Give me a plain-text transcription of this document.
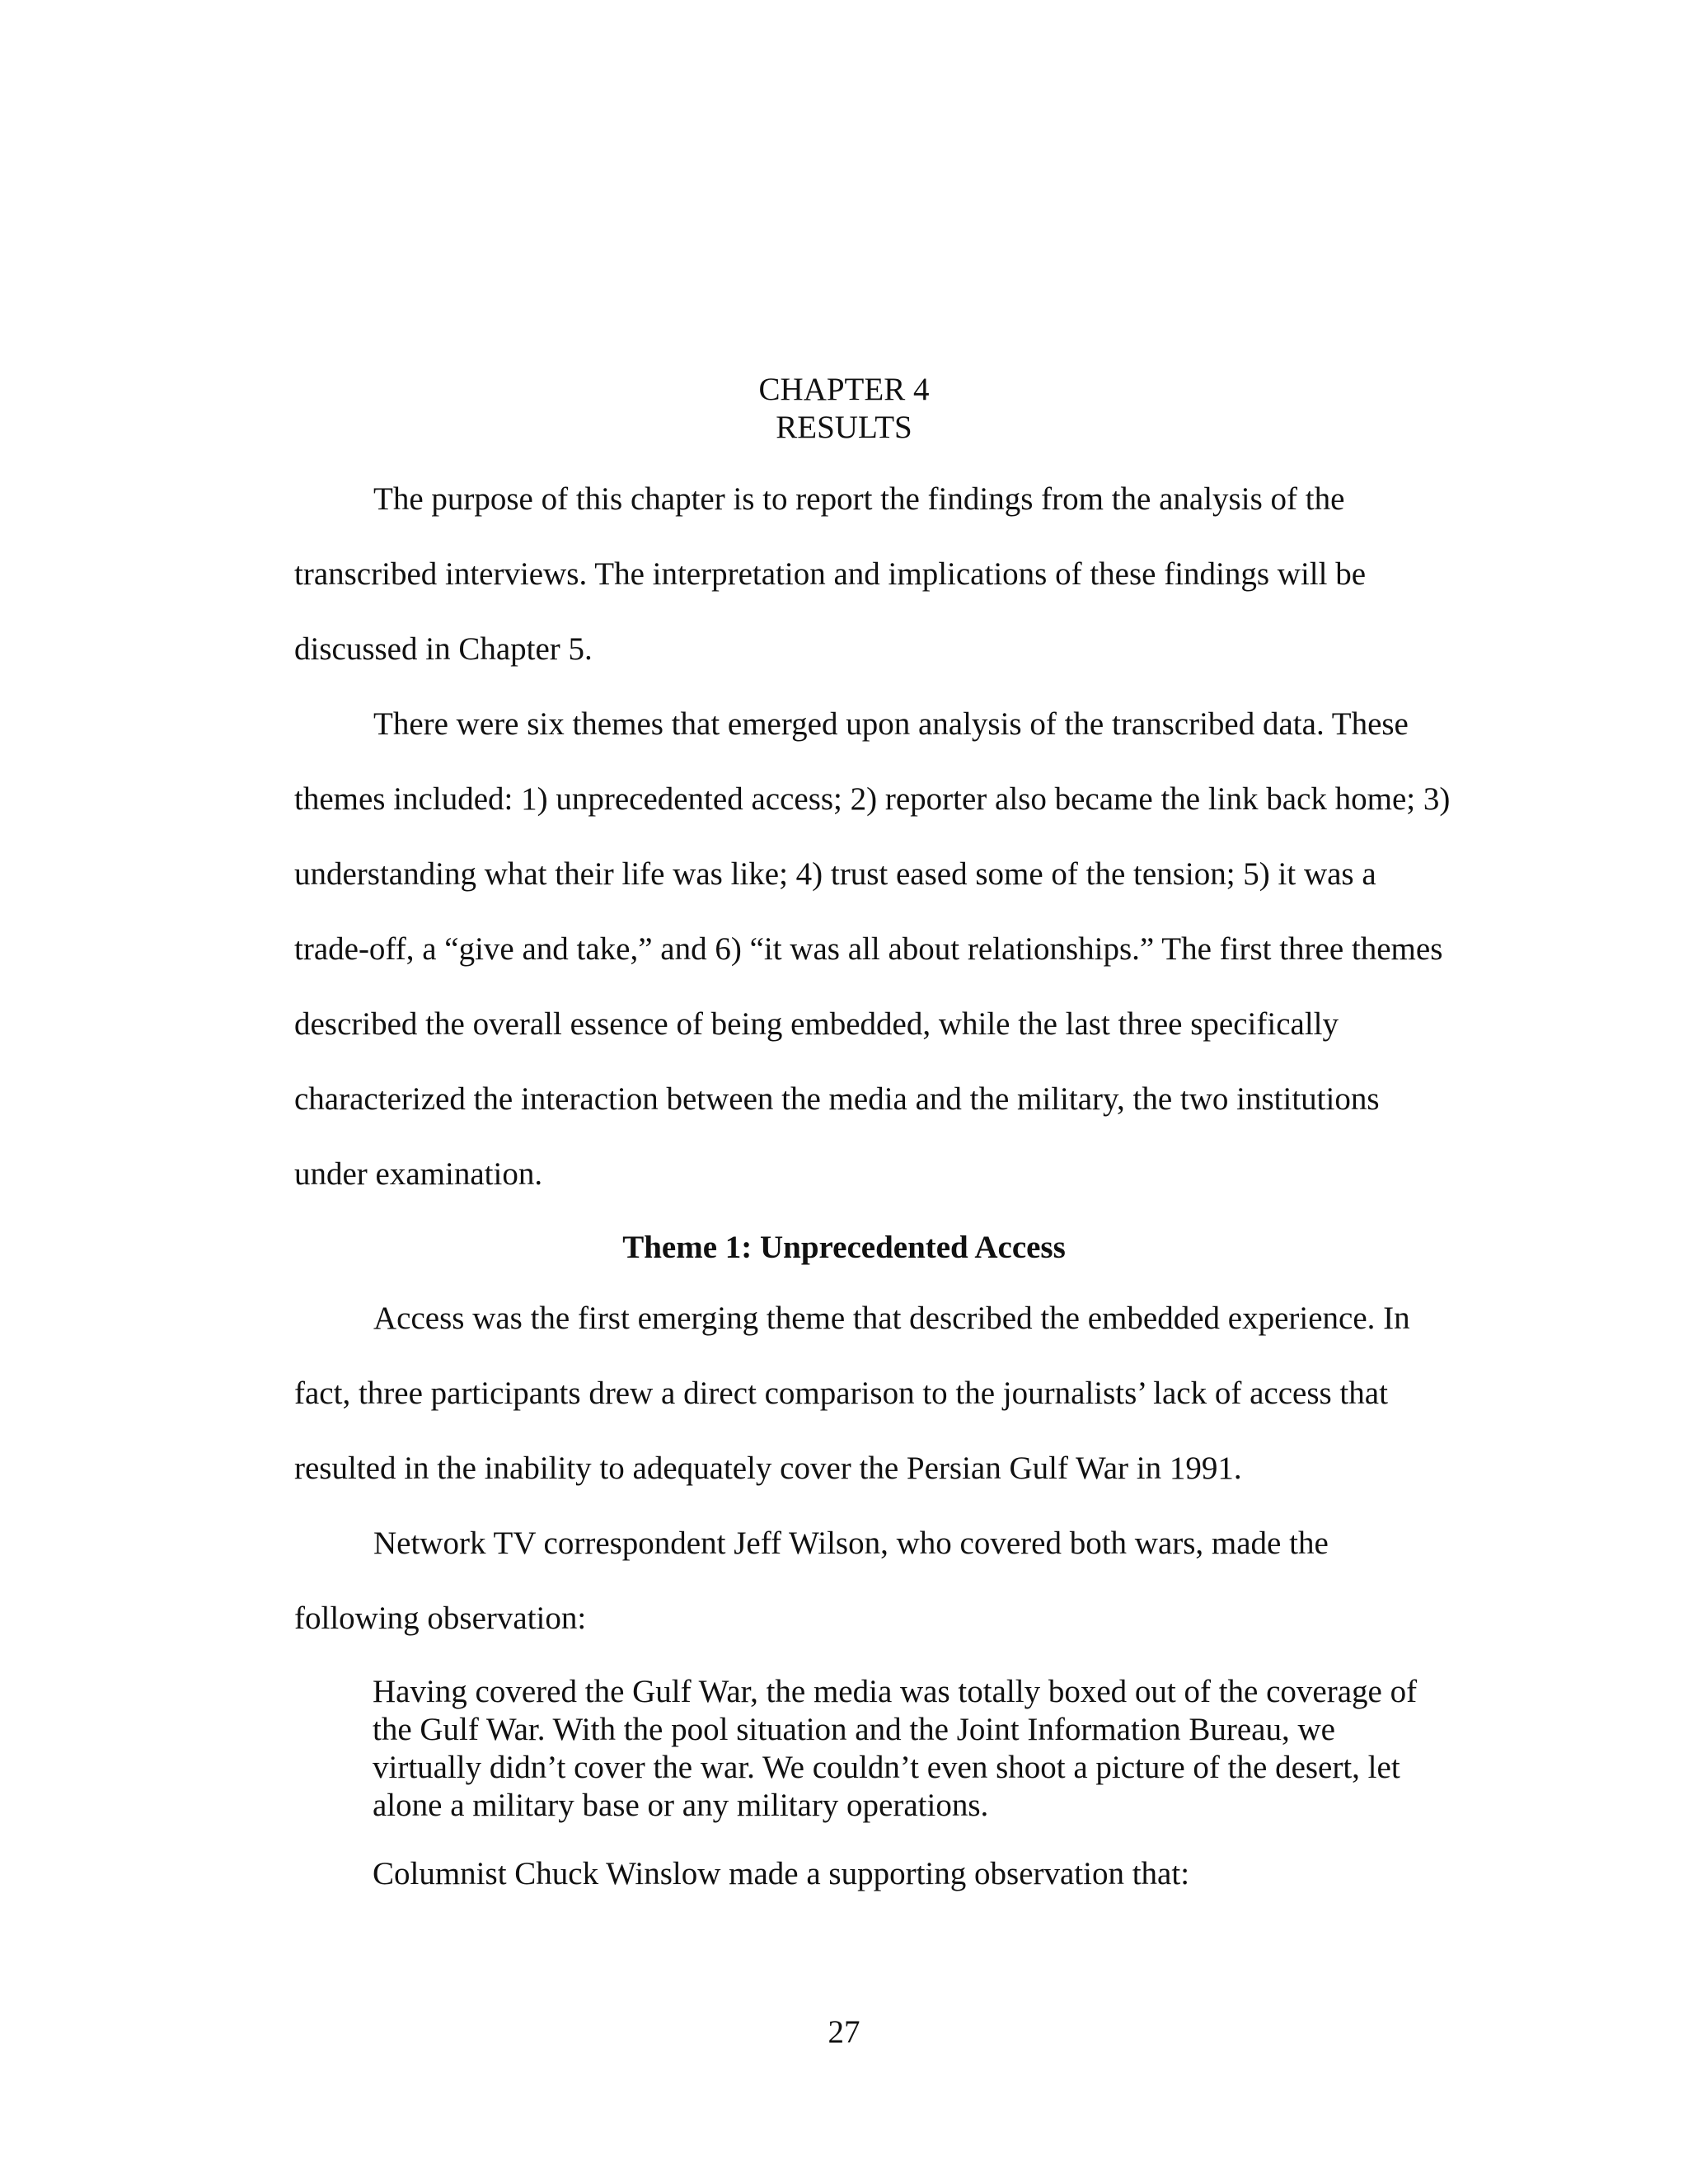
CHAPTER 4
RESULTS
The purpose of this chapter is to report the findings from the analysis of the
transcribed interviews. The interpretation and implications of these findings will be
discussed in Chapter 5.
There were six themes that emerged upon analysis of the transcribed data. These
themes included: 1) unprecedented access; 2) reporter also became the link back home; 3)
understanding what their life was like; 4) trust eased some of the tension; 5) it was a
trade-off, a “give and take,” and 6) “it was all about relationships.” The first three themes
described the overall essence of being embedded, while the last three specifically
characterized the interaction between the media and the military, the two institutions
under examination.
Theme 1: Unprecedented Access
Access was the first emerging theme that described the embedded experience. In
fact, three participants drew a direct comparison to the journalists’ lack of access that
resulted in the inability to adequately cover the Persian Gulf War in 1991.
Network TV correspondent Jeff Wilson, who covered both wars, made the
following observation:
Having covered the Gulf War, the media was totally boxed out of the coverage of
the Gulf War. With the pool situation and the Joint Information Bureau, we
virtually didn’t cover the war. We couldn’t even shoot a picture of the desert, let
alone a military base or any military operations.
Columnist Chuck Winslow made a supporting observation that:
27
